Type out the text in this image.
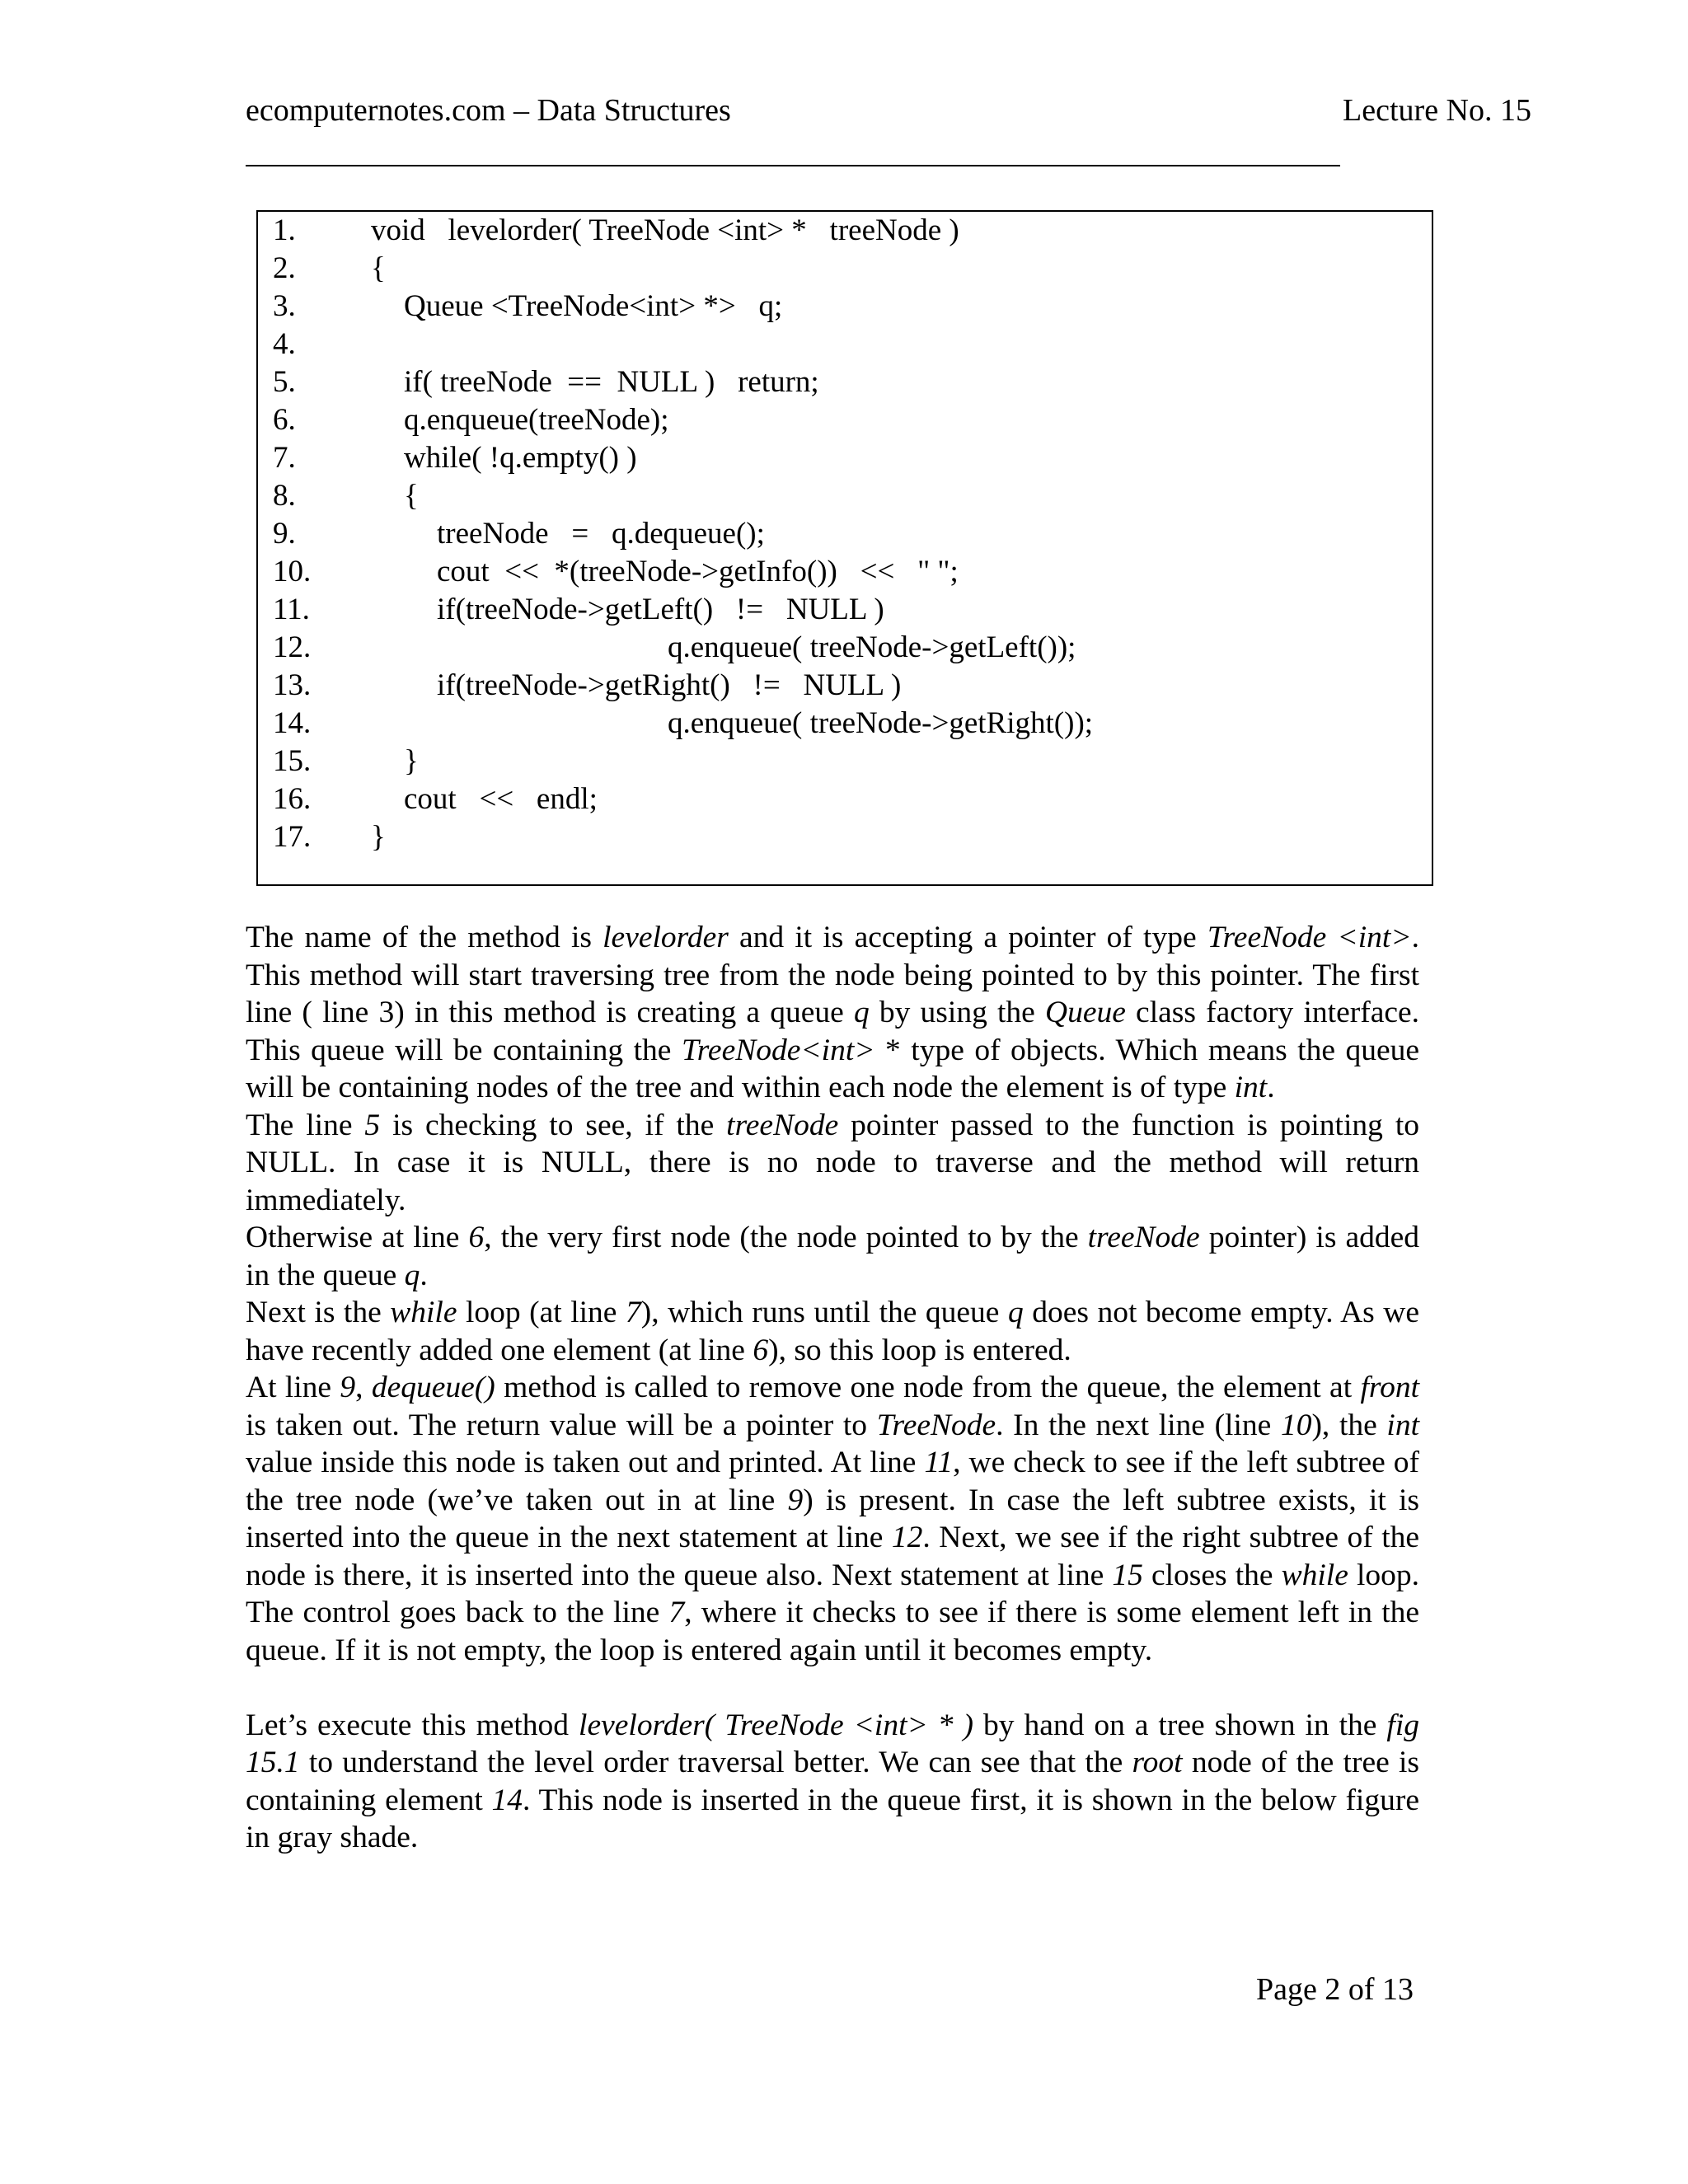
ecomputernotes.com – Data Structures	Lecture No. 15
1. void   levelorder( TreeNode <int> *   treeNode )
2. {
3.	Queue <TreeNode<int> *>   q;
4.
5.	if( treeNode  ==  NULL )   return;
6.	q.enqueue(treeNode);
7.	while( !q.empty() )
8.	{
9.	treeNode   =   q.dequeue();
10.	cout  <<  *(treeNode->getInfo())   <<   " ";
11.	if(treeNode->getLeft()   !=   NULL )
12.	q.enqueue( treeNode->getLeft());
13.	if(treeNode->getRight()   !=   NULL )
14.	q.enqueue( treeNode->getRight());
15.	}
16.	cout   <<   endl;
17. }

The name of the method is levelorder and it is accepting a pointer of type TreeNode <int>. This method will start traversing tree from the node being pointed to by this pointer. The first line ( line 3) in this method is creating a queue q by using the Queue class factory interface. This queue will be containing the TreeNode<int> * type of objects. Which means the queue will be containing nodes of the tree and within each node the element is of type int.

The line 5 is checking to see, if the treeNode pointer passed to the function is pointing to NULL. In case it is NULL, there is no node to traverse and the method will return immediately.

Otherwise at line 6, the very first node (the node pointed to by the treeNode pointer) is added in the queue q.

Next is the while loop (at line 7), which runs until the queue q does not become empty. As we have recently added one element (at line 6), so this loop is entered.

At line 9, dequeue() method is called to remove one node from the queue, the element at front is taken out. The return value will be a pointer to TreeNode. In the next line (line 10), the int value inside this node is taken out and printed. At line 11, we check to see if the left subtree of the tree node (we’ve taken out in at line 9) is present. In case the left subtree exists, it is inserted into the queue in the next statement at line 12. Next, we see if the right subtree of the node is there, it is inserted into the queue also. Next statement at line 15 closes the while loop. The control goes back to the line 7, where it checks to see if there is some element left in the queue. If it is not empty, the loop is entered again until it becomes empty.

Let’s execute this method levelorder( TreeNode <int> * ) by hand on a tree shown in the fig 15.1 to understand the level order traversal better. We can see that the root node of the tree is containing element 14. This node is inserted in the queue first, it is shown in the below figure in gray shade.

Page 2 of 13
